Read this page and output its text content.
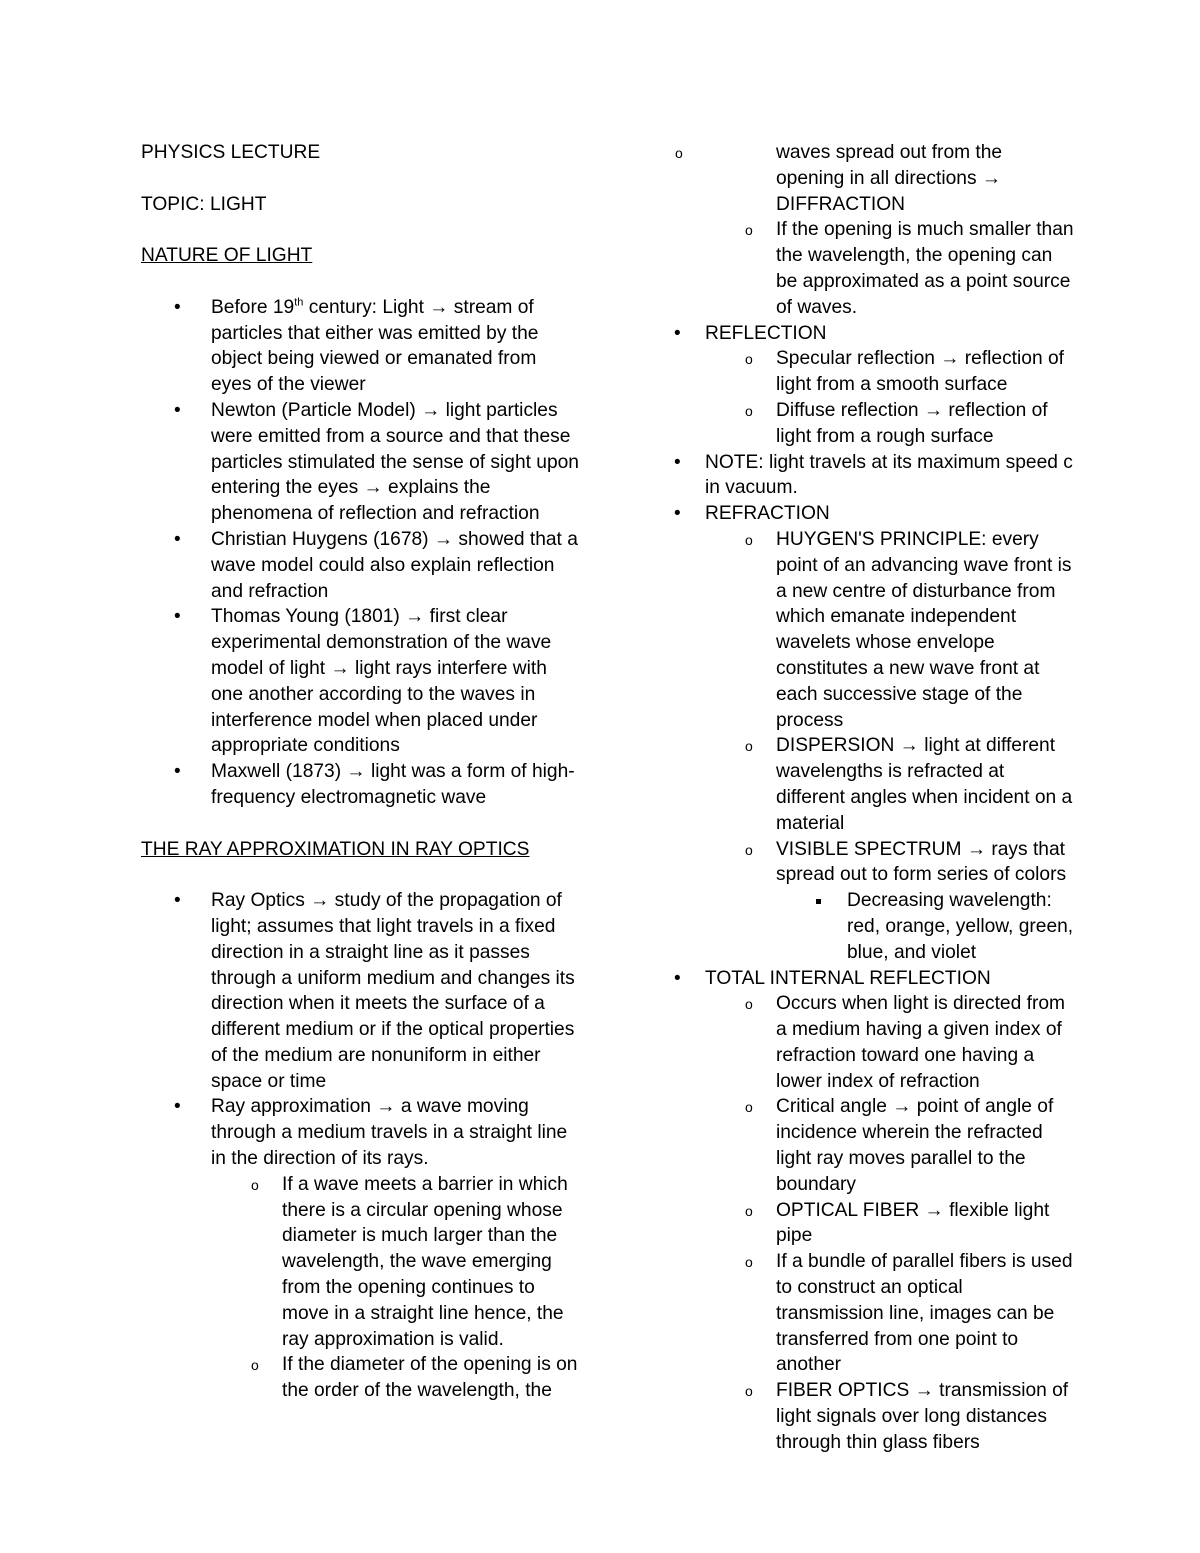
PHYSICS LECTURE

TOPIC: LIGHT

NATURE OF LIGHT

• Before 19th century: Light → stream of particles that either was emitted by the object being viewed or emanated from eyes of the viewer
• Newton (Particle Model) → light particles were emitted from a source and that these particles stimulated the sense of sight upon entering the eyes → explains the phenomena of reflection and refraction
• Christian Huygens (1678) → showed that a wave model could also explain reflection and refraction
• Thomas Young (1801) → first clear experimental demonstration of the wave model of light → light rays interfere with one another according to the waves in interference model when placed under appropriate conditions
• Maxwell (1873) → light was a form of high-frequency electromagnetic wave

THE RAY APPROXIMATION IN RAY OPTICS

• Ray Optics → study of the propagation of light; assumes that light travels in a fixed direction in a straight line as it passes through a uniform medium and changes its direction when it meets the surface of a different medium or if the optical properties of the medium are nonuniform in either space or time
• Ray approximation → a wave moving through a medium travels in a straight line in the direction of its rays.
o If a wave meets a barrier in which there is a circular opening whose diameter is much larger than the wavelength, the wave emerging from the opening continues to move in a straight line hence, the ray approximation is valid.
o If the diameter of the opening is on the order of the wavelength, the
waves spread out from the opening in all directions → DIFFRACTION
o If the opening is much smaller than the wavelength, the opening can be approximated as a point source of waves.
• REFLECTION
o Specular reflection → reflection of light from a smooth surface
o Diffuse reflection → reflection of light from a rough surface
• NOTE: light travels at its maximum speed c in vacuum.
• REFRACTION
o HUYGEN'S PRINCIPLE: every point of an advancing wave front is a new centre of disturbance from which emanate independent wavelets whose envelope constitutes a new wave front at each successive stage of the process
o DISPERSION → light at different wavelengths is refracted at different angles when incident on a material
o VISIBLE SPECTRUM → rays that spread out to form series of colors
Decreasing wavelength: red, orange, yellow, green, blue, and violet
• TOTAL INTERNAL REFLECTION
o Occurs when light is directed from a medium having a given index of refraction toward one having a lower index of refraction
o Critical angle → point of angle of incidence wherein the refracted light ray moves parallel to the boundary
o OPTICAL FIBER → flexible light pipe
o If a bundle of parallel fibers is used to construct an optical transmission line, images can be transferred from one point to another
o FIBER OPTICS → transmission of light signals over long distances through thin glass fibers
